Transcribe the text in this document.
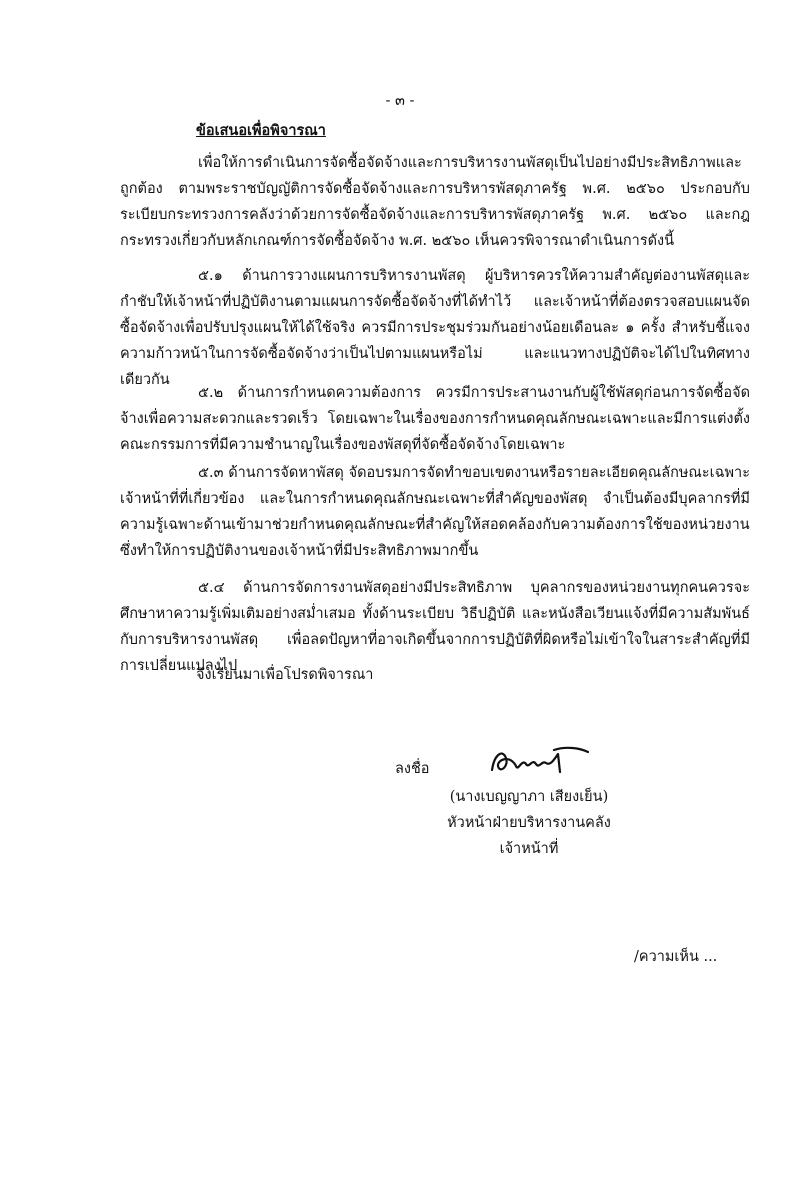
- ๓ -
ข้อเสนอเพื่อพิจารณา
เพื่อให้การดำเนินการจัดซื้อจัดจ้างและการบริหารงานพัสดุเป็นไปอย่างมีประสิทธิภาพและถูกต้อง ตามพระราชบัญญัติการจัดซื้อจัดจ้างและการบริหารพัสดุภาครัฐ พ.ศ. ๒๕๖๐ ประกอบกับระเบียบกระทรวงการคลังว่าด้วยการจัดซื้อจัดจ้างและการบริหารพัสดุภาครัฐ พ.ศ. ๒๕๖๐ และกฎกระทรวงเกี่ยวกับหลักเกณฑ์การจัดซื้อจัดจ้าง พ.ศ. ๒๕๖๐ เห็นควรพิจารณาดำเนินการดังนี้
๕.๑ ด้านการวางแผนการบริหารงานพัสดุ ผู้บริหารควรให้ความสำคัญต่องานพัสดุและกำชับให้เจ้าหน้าที่ปฏิบัติงานตามแผนการจัดซื้อจัดจ้างที่ได้ทำไว้ และเจ้าหน้าที่ต้องตรวจสอบแผนจัดซื้อจัดจ้างเพื่อปรับปรุงแผนให้ได้ใช้จริง ควรมีการประชุมร่วมกันอย่างน้อยเดือนละ ๑ ครั้ง สำหรับชี้แจงความก้าวหน้าในการจัดซื้อจัดจ้างว่าเป็นไปตามแผนหรือไม่ และแนวทางปฏิบัติจะได้ไปในทิศทางเดียวกัน
๕.๒ ด้านการกำหนดความต้องการ ควรมีการประสานงานกับผู้ใช้พัสดุก่อนการจัดซื้อจัดจ้างเพื่อความสะดวกและรวดเร็ว โดยเฉพาะในเรื่องของการกำหนดคุณลักษณะเฉพาะและมีการแต่งตั้งคณะกรรมการที่มีความชำนาญในเรื่องของพัสดุที่จัดซื้อจัดจ้างโดยเฉพาะ
๕.๓ ด้านการจัดหาพัสดุ จัดอบรมการจัดทำขอบเขตงานหรือรายละเอียดคุณลักษณะเฉพาะเจ้าหน้าที่ที่เกี่ยวข้อง และในการกำหนดคุณลักษณะเฉพาะที่สำคัญของพัสดุ จำเป็นต้องมีบุคลากรที่มีความรู้เฉพาะด้านเข้ามาช่วยกำหนดคุณลักษณะที่สำคัญให้สอดคล้องกับความต้องการใช้ของหน่วยงาน ซึ่งทำให้การปฏิบัติงานของเจ้าหน้าที่มีประสิทธิภาพมากขึ้น
๕.๔ ด้านการจัดการงานพัสดุอย่างมีประสิทธิภาพ บุคลากรของหน่วยงานทุกคนควรจะศึกษาหาความรู้เพิ่มเติมอย่างสม่ำเสมอ ทั้งด้านระเบียบ วิธีปฏิบัติ และหนังสือเวียนแจ้งที่มีความสัมพันธ์กับการบริหารงานพัสดุ เพื่อลดปัญหาที่อาจเกิดขึ้นจากการปฏิบัติที่ผิดหรือไม่เข้าใจในสาระสำคัญที่มีการเปลี่ยนแปลงไป
จึงเรียนมาเพื่อโปรดพิจารณา
ลงชื่อ
(นางเบญญาภา เสียงเย็น)
หัวหน้าฝ่ายบริหารงานคลัง
เจ้าหน้าที่
/ความเห็น ...
